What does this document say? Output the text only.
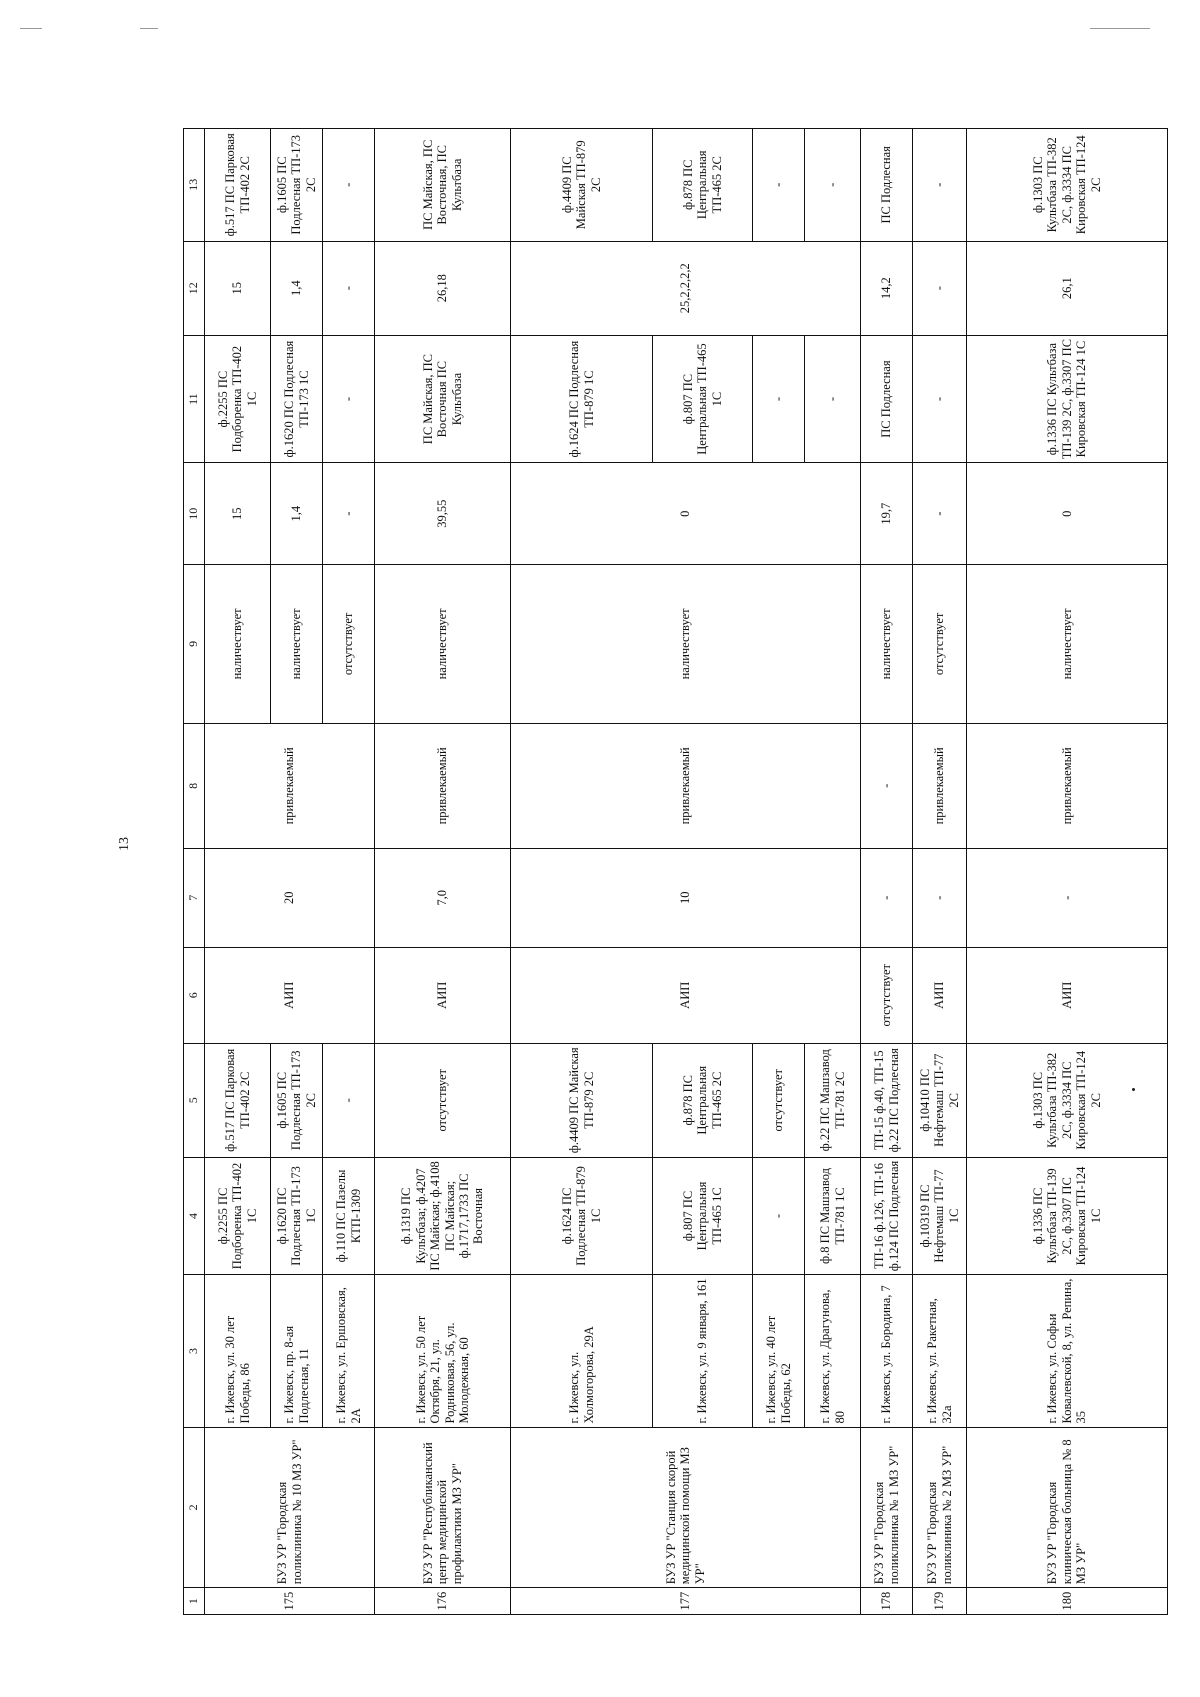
13
1	2	3	4	5	6	7	8	9	10	11	12	13
175	БУЗ УР "Городская поликлиника № 10 МЗ УР"	г. Ижевск, ул. 30 лет Победы, 86	ф.2255 ПС Подборенка ТП-402 1С	ф.517 ПС Парковая ТП-402 2С	АИП	20	привлекаемый	наличествует	15	ф.2255 ПС Подборенка ТП-402 1С	15	ф.517 ПС Парковая ТП-402 2С
		г. Ижевск, пр. 8-ая Подлесная, 11	ф.1620 ПС Подлесная ТП-173 1С	ф.1605 ПС Подлесная ТП-173 2С				наличествует	1,4	ф.1620 ПС Подлесная ТП-173 1С	1,4	ф.1605 ПС Подлесная ТП-173 2С
		г. Ижевск, ул. Ершовская, 2А	ф.110 ПС Пазелы КТП-1309	-				отсутствует	-	-	-	-
176	БУЗ УР "Республиканский центр медицинской профилактики МЗ УР"	г. Ижевск, ул. 50 лет Октября, 21, ул. Родниковая, 56, ул. Молодежная, 60	ф.1319 ПС Культбаза; ф.4207 ПС Майская; ф.4108 ПС Майская; ф.1717,1733 ПС Восточная	отсутствует	АИП	7,0	привлекаемый	наличествует	39,55	ПС Майская, ПС Восточная ПС Культбаза	26,18	ПС Майская, ПС Восточная, ПС Культбаза
177	БУЗ УР "Станция скорой медицинской помощи МЗ УР"	г. Ижевск, ул. Холмогорова, 29А	ф.1624 ПС Подлесная ТП-879 1С	ф.4409 ПС Майская ТП-879 2С	АИП	10	привлекаемый	наличествует	0	ф.1624 ПС Подлесная ТП-879 1С	25,2,2,2,2	ф.4409 ПС Майская ТП-879 2С
		г. Ижевск, ул. 9 января, 161	ф.807 ПС Центральная ТП-465 1С	ф.878 ПС Центральная ТП-465 2С						ф.807 ПС Центральная ТП-465 1С		ф.878 ПС Центральная ТП-465 2С
		г. Ижевск, ул. 40 лет Победы, 62	-	отсутствует						-		-
		г. Ижевск, ул. Драгунова, 80	ф.8 ПС Машзавод ТП-781 1С	ф.22 ПС Машзавод ТП-781 2С						-		-
178	БУЗ УР "Городская поликлиника № 1 МЗ УР"	г. Ижевск, ул. Бородина, 7	ТП-16 ф.126, ТП-16 ф.124 ПС Подлесная	ТП-15 ф.40, ТП-15 ф.22 ПС Подлесная	отсутствует	-	-	наличествует	19,7	ПС Подлесная	14,2	ПС Подлесная
179	БУЗ УР "Городская поликлиника № 2 МЗ УР"	г. Ижевск, ул. Ракетная, 32а	ф.10319 ПС Нефтемаш ТП-77 1С	ф.10410 ПС Нефтемаш ТП-77 2С	АИП	-	привлекаемый	отсутствует	-	-	-	-
180	БУЗ УР "Городская клиническая больница № 8 МЗ УР"	г. Ижевск, ул. Софьи Ковалевской, 8, ул. Репина, 35	ф.1336 ПС Культбаза ТП-139 2С, ф.3307 ПС Кировская ТП-124 1С	ф.1303 ПС Культбаза ТП-382 2С, ф.3334 ПС Кировская ТП-124 2С	АИП	-	привлекаемый	наличествует	0	ф.1336 ПС Культбаза ТП-139 2С, ф.3307 ПС Кировская ТП-124 1С	26,1	ф.1303 ПС Культбаза ТП-382 2С, ф.3334 ПС Кировская ТП-124 2С
